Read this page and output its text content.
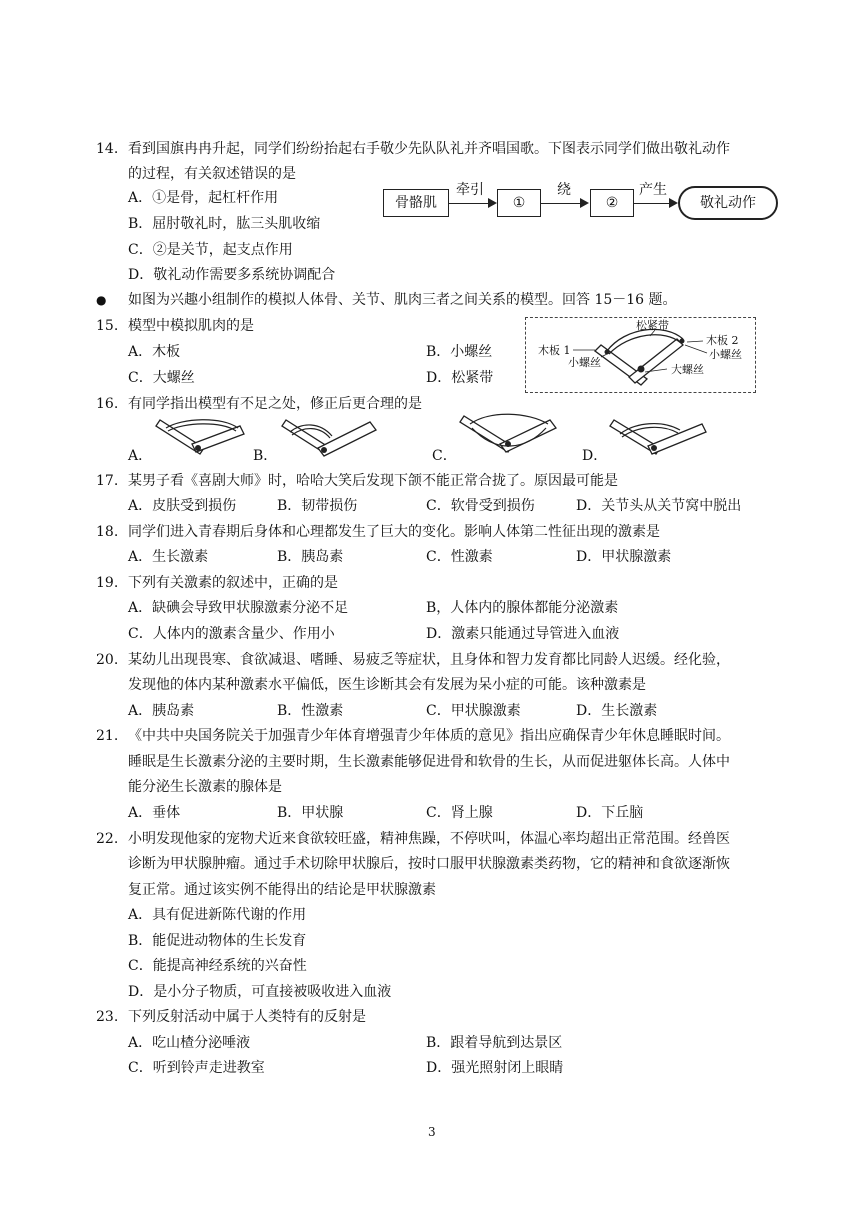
14. 看到国旗冉冉升起，同学们纷纷抬起右手敬少先队队礼并齐唱国歌。下图表示同学们做出敬礼动作
的过程，有关叙述错误的是
A．①是骨，起杠杆作用
B．屈肘敬礼时，肱三头肌收缩
C．②是关节，起支点作用
D．敬礼动作需要多系统协调配合
骨骼肌
牵引
①
绕
②
产生
敬礼动作
● 如图为兴趣小组制作的模拟人体骨、关节、肌肉三者之间关系的模型。回答 15－16 题。
15. 模型中模拟肌肉的是
A．木板	B．小螺丝
C．大螺丝	D．松紧带
松紧带
木板 2
小螺丝
木板 1
小螺丝
大螺丝
16. 有同学指出模型有不足之处，修正后更合理的是
A．	B．	C．	D．
17. 某男子看《喜剧大师》时，哈哈大笑后发现下颌不能正常合拢了。原因最可能是
A．皮肤受到损伤	B．韧带损伤	C．软骨受到损伤	D．关节头从关节窝中脱出
18. 同学们进入青春期后身体和心理都发生了巨大的变化。影响人体第二性征出现的激素是
A．生长激素	B．胰岛素	C．性激素	D．甲状腺激素
19. 下列有关激素的叙述中，正确的是
A．缺碘会导致甲状腺激素分泌不足	B，人体内的腺体都能分泌激素
C．人体内的激素含量少、作用小	D．激素只能通过导管进入血液
20. 某幼儿出现畏寒、食欲减退、嗜睡、易疲乏等症状，且身体和智力发育都比同龄人迟缓。经化验，
发现他的体内某种激素水平偏低，医生诊断其会有发展为呆小症的可能。该种激素是
A．胰岛素	B．性激素	C．甲状腺激素	D．生长激素
21. 《中共中央国务院关于加强青少年体育增强青少年体质的意见》指出应确保青少年休息睡眠时间。
睡眠是生长激素分泌的主要时期，生长激素能够促进骨和软骨的生长，从而促进躯体长高。人体中
能分泌生长激素的腺体是
A．垂体	B．甲状腺	C．肾上腺	D．下丘脑
22. 小明发现他家的宠物犬近来食欲较旺盛，精神焦躁，不停吠叫，体温心率均超出正常范围。经兽医
诊断为甲状腺肿瘤。通过手术切除甲状腺后，按时口服甲状腺激素类药物，它的精神和食欲逐渐恢
复正常。通过该实例不能得出的结论是甲状腺激素
A．具有促进新陈代谢的作用
B．能促进动物体的生长发育
C．能提高神经系统的兴奋性
D．是小分子物质，可直接被吸收进入血液
23. 下列反射活动中属于人类特有的反射是
A．吃山楂分泌唾液	B．跟着导航到达景区
C．听到铃声走进教室	D．强光照射闭上眼睛
3
